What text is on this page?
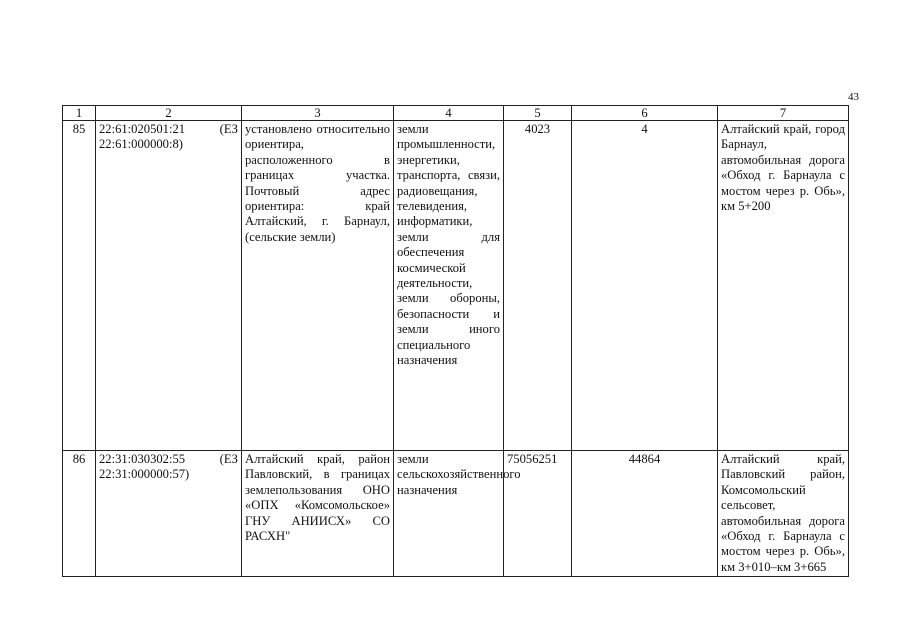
43
1	2	3	4	5	6	7
85	22:61:020501:21 (ЕЗ 22:61:000000:8)	установлено относительно ориентира, расположенного в границах участка. Почтовый адрес ориентира: край Алтайский, г. Барнаул, (сельские земли)	земли промышленности, энергетики, транспорта, связи, радиовещания, телевидения, информатики, земли для обеспечения космической деятельности, земли обороны, безопасности и земли иного специального назначения	4023	4	Алтайский край, город Барнаул, автомобильная дорога «Обход г. Барнаула с мостом через р. Обь», км 5+200
86	22:31:030302:55 (ЕЗ 22:31:000000:57)	Алтайский край, район Павловский, в границах землепользования ОНО «ОПХ «Комсомольское» ГНУ АНИИСХ» СО РАСХН"	земли сельскохозяйственного назначения	75056251	44864	Алтайский край, Павловский район, Комсомольский сельсовет, автомобильная дорога «Обход г. Барнаула с мостом через р. Обь», км 3+010–км 3+665
